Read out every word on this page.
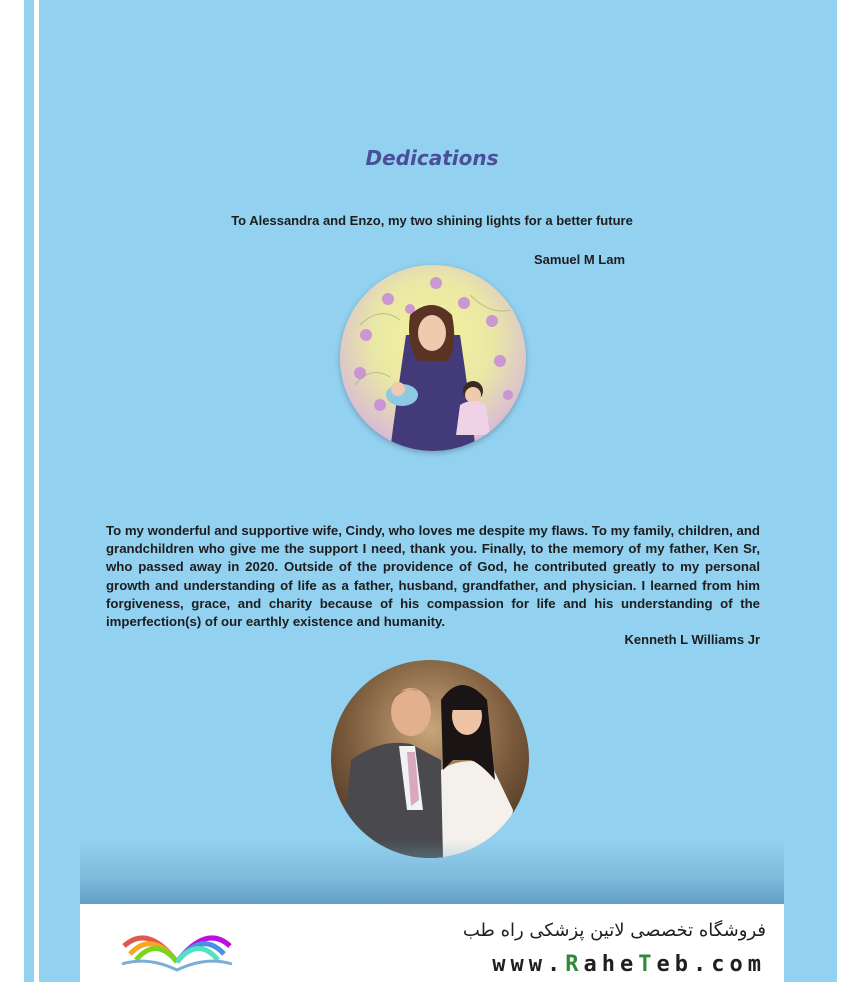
Dedications
To Alessandra and Enzo, my two shining lights for a better future
Samuel M Lam
To my wonderful and supportive wife, Cindy, who loves me despite my flaws. To my family, children, and grandchildren who give me the support I need, thank you. Finally, to the memory of my father, Ken Sr, who passed away in 2020. Outside of the providence of God, he contributed greatly to my personal growth and understanding of life as a father, husband, grandfather, and physician. I learned from him forgiveness, grace, and charity because of his compassion for life and his understanding of the imperfection(s) of our earthly existence and humanity.
Kenneth L Williams Jr
فروشگاه تخصصی لاتین پزشکی راه طب
www.RaheTeb.com
